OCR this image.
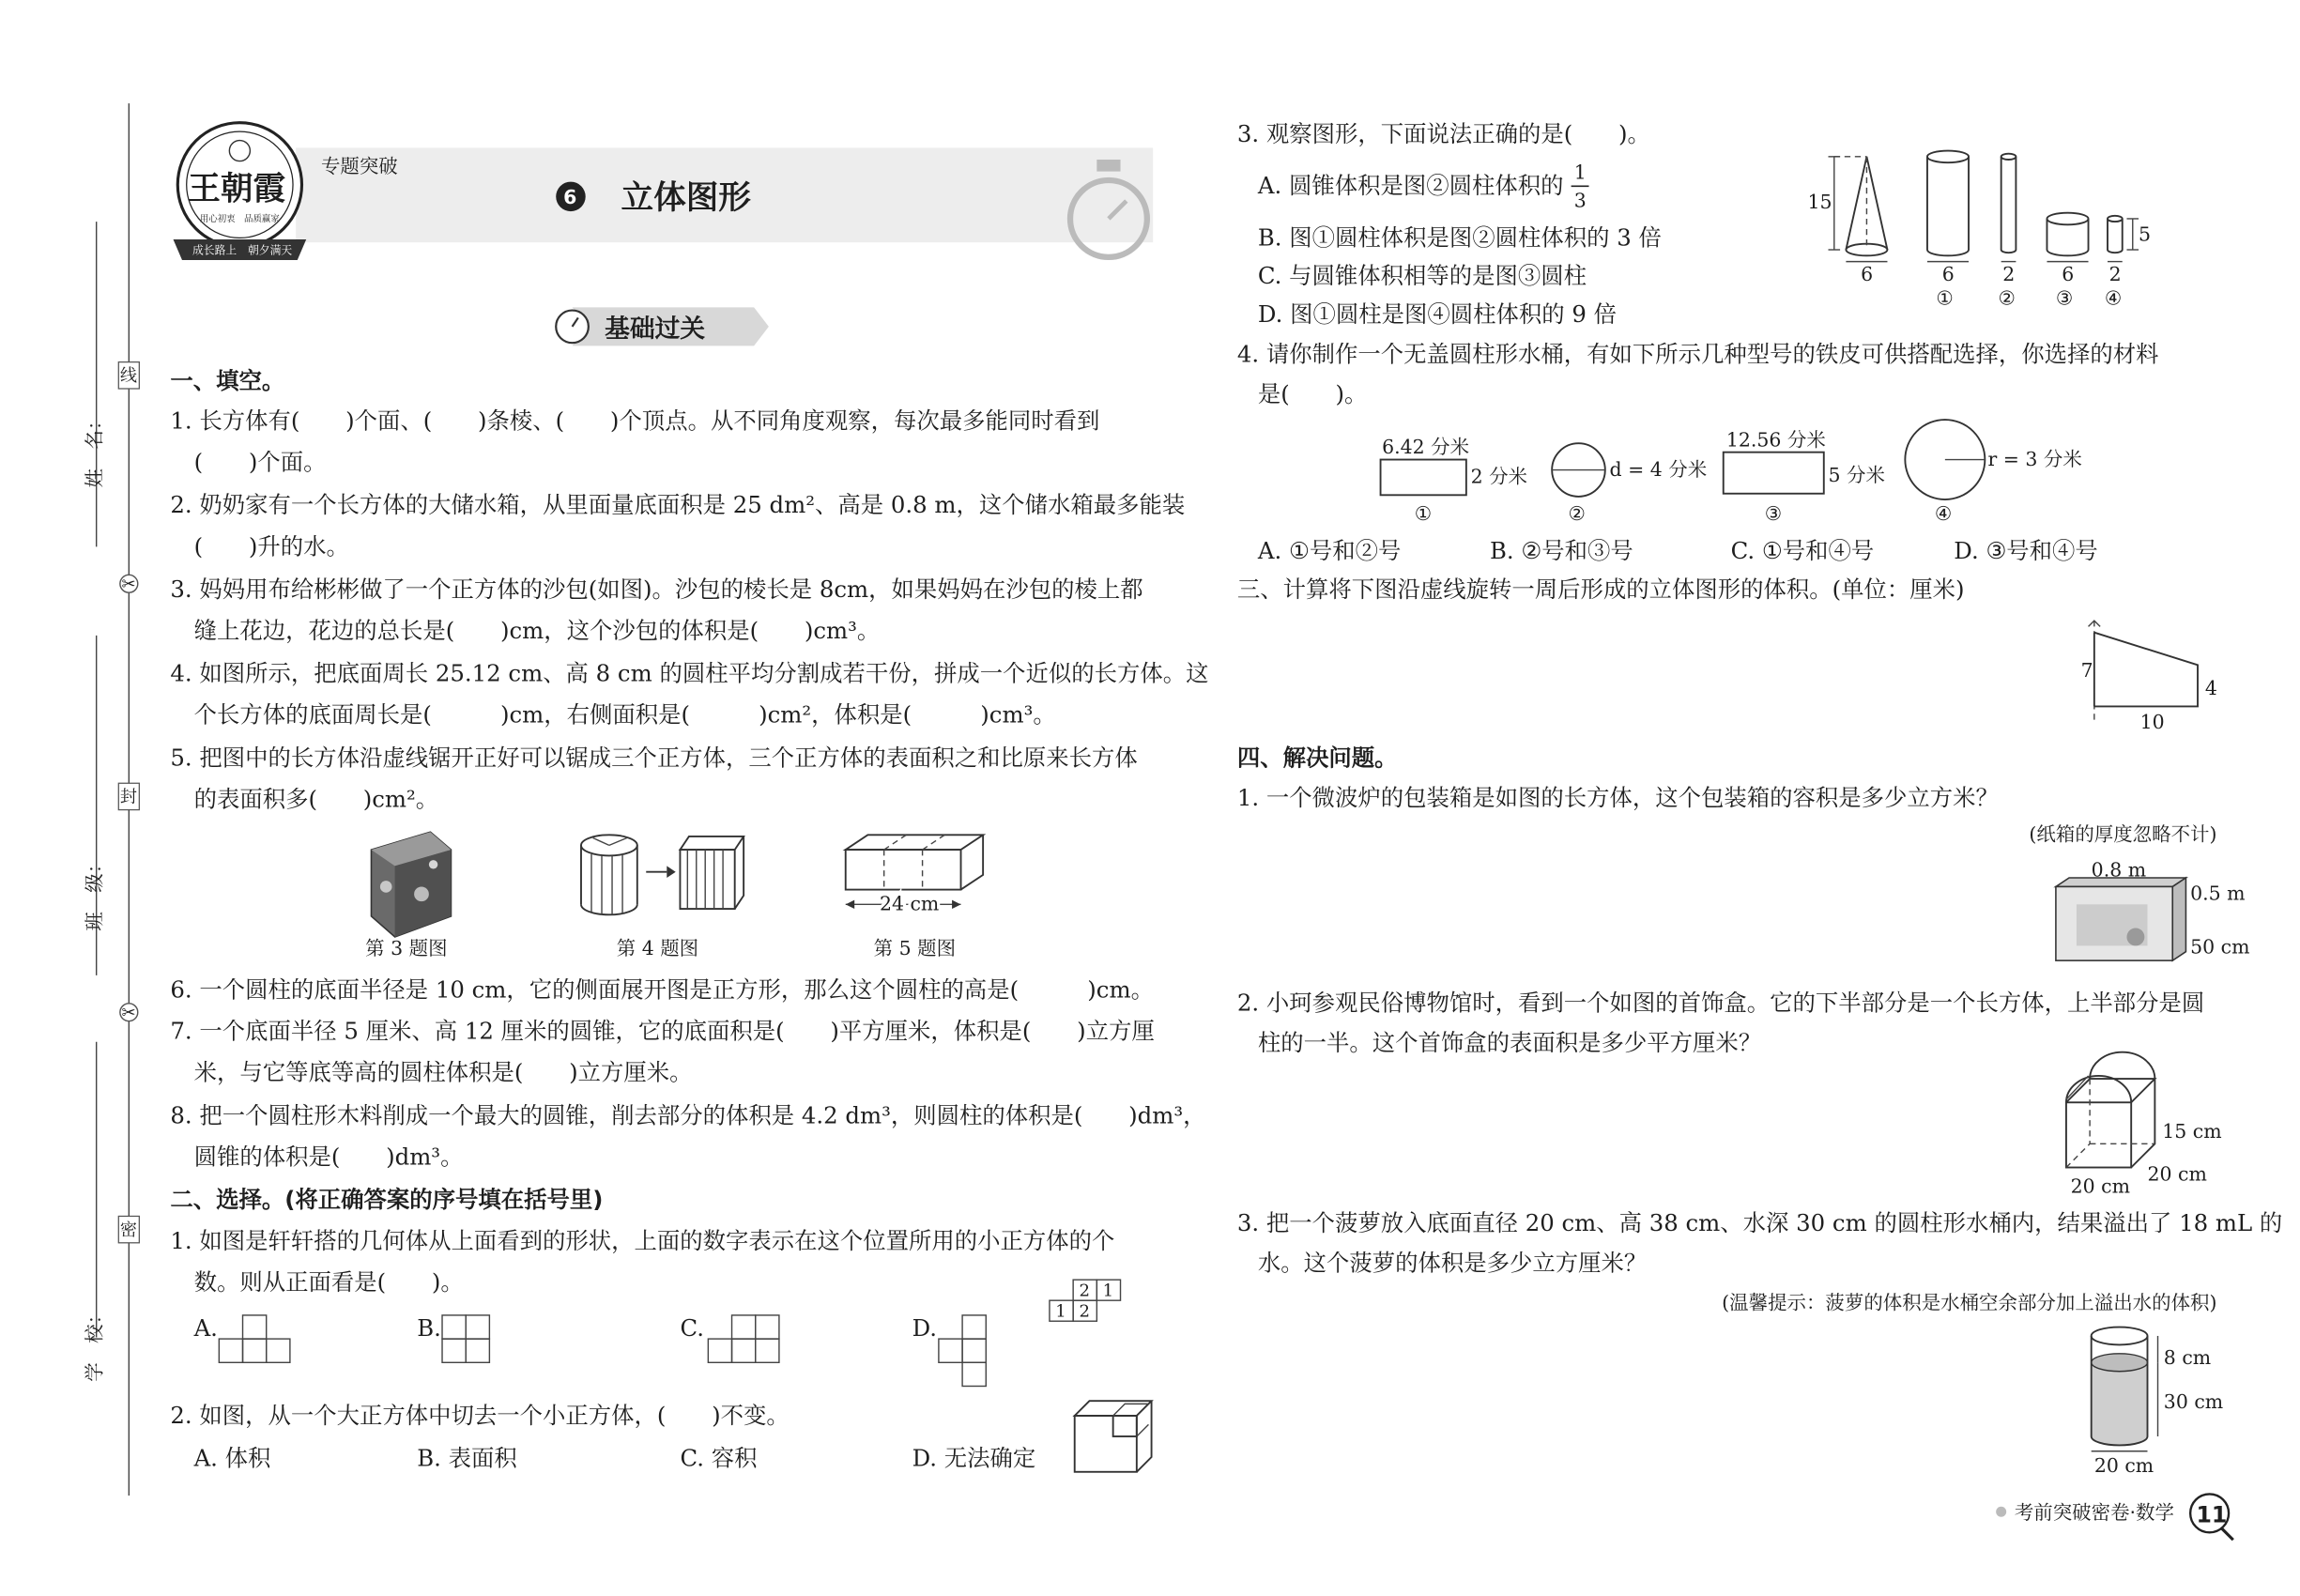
姓　名：
班　级：
学　校：
线
封
密
✂
✂
王朝霞
用心初衷　品质赢家
成长路上　朝夕满天
专题突破
6 立体图形
基础过关
一、填空。
1. 长方体有(　　)个面、(　　)条棱、(　　)个顶点。从不同角度观察，每次最多能同时看到
(　　)个面。
2. 奶奶家有一个长方体的大储水箱，从里面量底面积是 25 dm²、高是 0.8 m，这个储水箱最多能装
(　　)升的水。
3. 妈妈用布给彬彬做了一个正方体的沙包(如图)。沙包的棱长是 8cm，如果妈妈在沙包的棱上都
缝上花边，花边的总长是(　　)cm，这个沙包的体积是(　　)cm³。
4. 如图所示，把底面周长 25.12 cm、高 8 cm 的圆柱平均分割成若干份，拼成一个近似的长方体。这
个长方体的底面周长是(　　　)cm，右侧面积是(　　　)cm²，体积是(　　　)cm³。
5. 把图中的长方体沿虚线锯开正好可以锯成三个正方体，三个正方体的表面积之和比原来长方体
的表面积多(　　)cm²。
第 3 题图	第 4 题图
24 cm
第 5 题图
6. 一个圆柱的底面半径是 10 cm，它的侧面展开图是正方形，那么这个圆柱的高是(　　　)cm。
7. 一个底面半径 5 厘米、高 12 厘米的圆锥，它的底面积是(　　)平方厘米，体积是(　　)立方厘
米，与它等底等高的圆柱体积是(　　)立方厘米。
8. 把一个圆柱形木料削成一个最大的圆锥，削去部分的体积是 4.2 dm³，则圆柱的体积是(　　)dm³，
圆锥的体积是(　　)dm³。
二、选择。(将正确答案的序号填在括号里)
1. 如图是轩轩搭的几何体从上面看到的形状，上面的数字表示在这个位置所用的小正方体的个
数。则从正面看是(　　)。	2 1
1 2
A.	B.	C.	D.
2. 如图，从一个大正方体中切去一个小正方体，(　　)不变。
A. 体积	B. 表面积	C. 容积	D. 无法确定
3. 观察图形，下面说法正确的是(　　)。
A. 圆锥体积是图②圆柱体积的 1
3
B. 图①圆柱体积是图②圆柱体积的 3 倍
C. 与圆锥体积相等的是图③圆柱
D. 图①圆柱是图④圆柱体积的 9 倍
15
5
6	6	2	6	2
①	②	③	④
4. 请你制作一个无盖圆柱形水桶，有如下所示几种型号的铁皮可供搭配选择，你选择的材料
是(　　)。
6.42 分米
2 分米	d = 4 分米
12.56 分米
5 分米
r = 3 分米
①	②	③	④
A. ①号和②号	B. ②号和③号	C. ①号和④号	D. ③号和④号
三、计算将下图沿虚线旋转一周后形成的立体图形的体积。(单位：厘米)
7
4
10
四、解决问题。
1. 一个微波炉的包装箱是如图的长方体，这个包装箱的容积是多少立方米？
(纸箱的厚度忽略不计)
0.8 m
0.5 m
50 cm
2. 小珂参观民俗博物馆时，看到一个如图的首饰盒。它的下半部分是一个长方体，上半部分是圆
柱的一半。这个首饰盒的表面积是多少平方厘米？
15 cm
20 cm
20 cm
3. 把一个菠萝放入底面直径 20 cm、高 38 cm、水深 30 cm 的圆柱形水桶内，结果溢出了 18 mL 的
水。这个菠萝的体积是多少立方厘米？
(温馨提示：菠萝的体积是水桶空余部分加上溢出水的体积)
8 cm
30 cm
20 cm
考前突破密卷·数学 11
